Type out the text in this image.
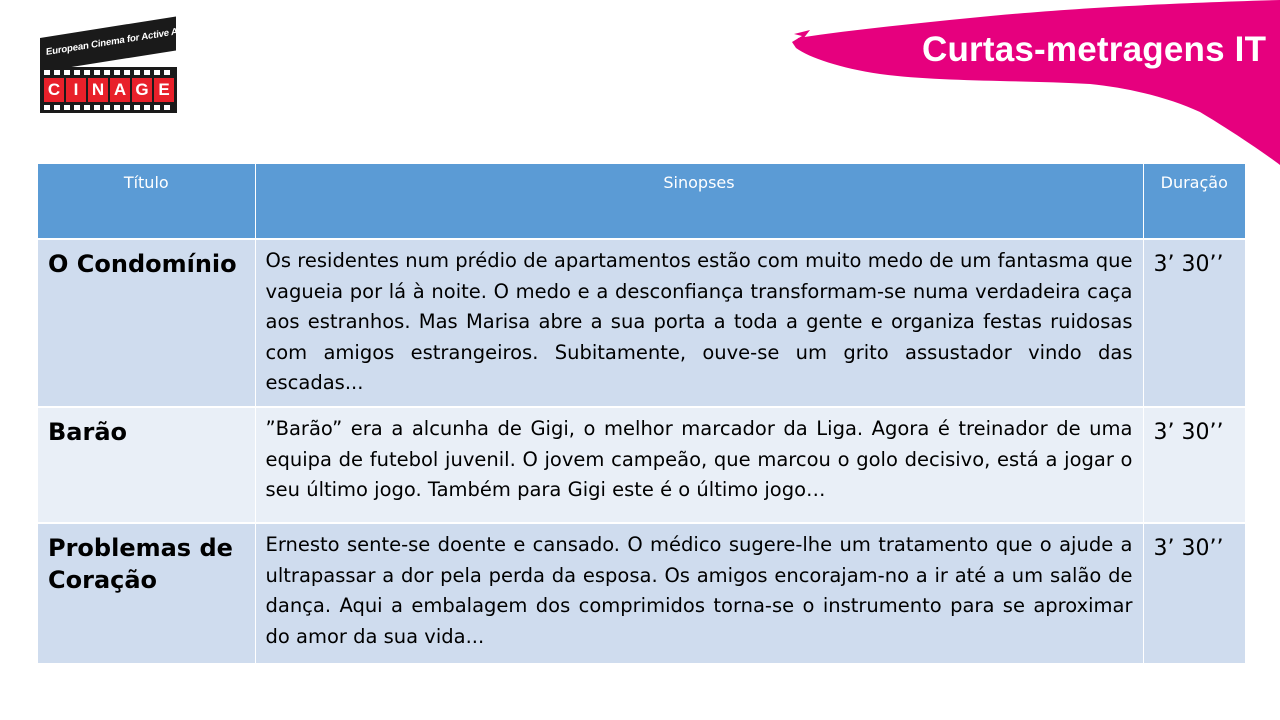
European Cinema for Active Ageing
C I N A G E
Curtas-metragens IT
Título	Sinopses	Duração
O Condomínio	Os residentes num prédio de apartamentos estão com muito medo de um fantasma que vagueia por lá à noite. O medo e a desconfiança transformam-se numa verdadeira caça aos estranhos. Mas Marisa abre a sua porta a toda a gente e organiza festas ruidosas com amigos estrangeiros. Subitamente, ouve-se um grito assustador vindo das escadas...	3’ 30’’
Barão	”Barão” era a alcunha de Gigi, o melhor marcador da Liga. Agora é treinador de uma equipa de futebol juvenil. O jovem campeão, que marcou o golo decisivo, está a jogar o seu último jogo. Também para Gigi este é o último jogo…	3’ 30’’
Problemas de Coração	Ernesto sente-se doente e cansado. O médico sugere-lhe um tratamento que o ajude a ultrapassar a dor pela perda da esposa. Os amigos encorajam-no a ir até a um salão de dança. Aqui a embalagem dos comprimidos torna-se o instrumento para se aproximar do amor da sua vida...	3’ 30’’
